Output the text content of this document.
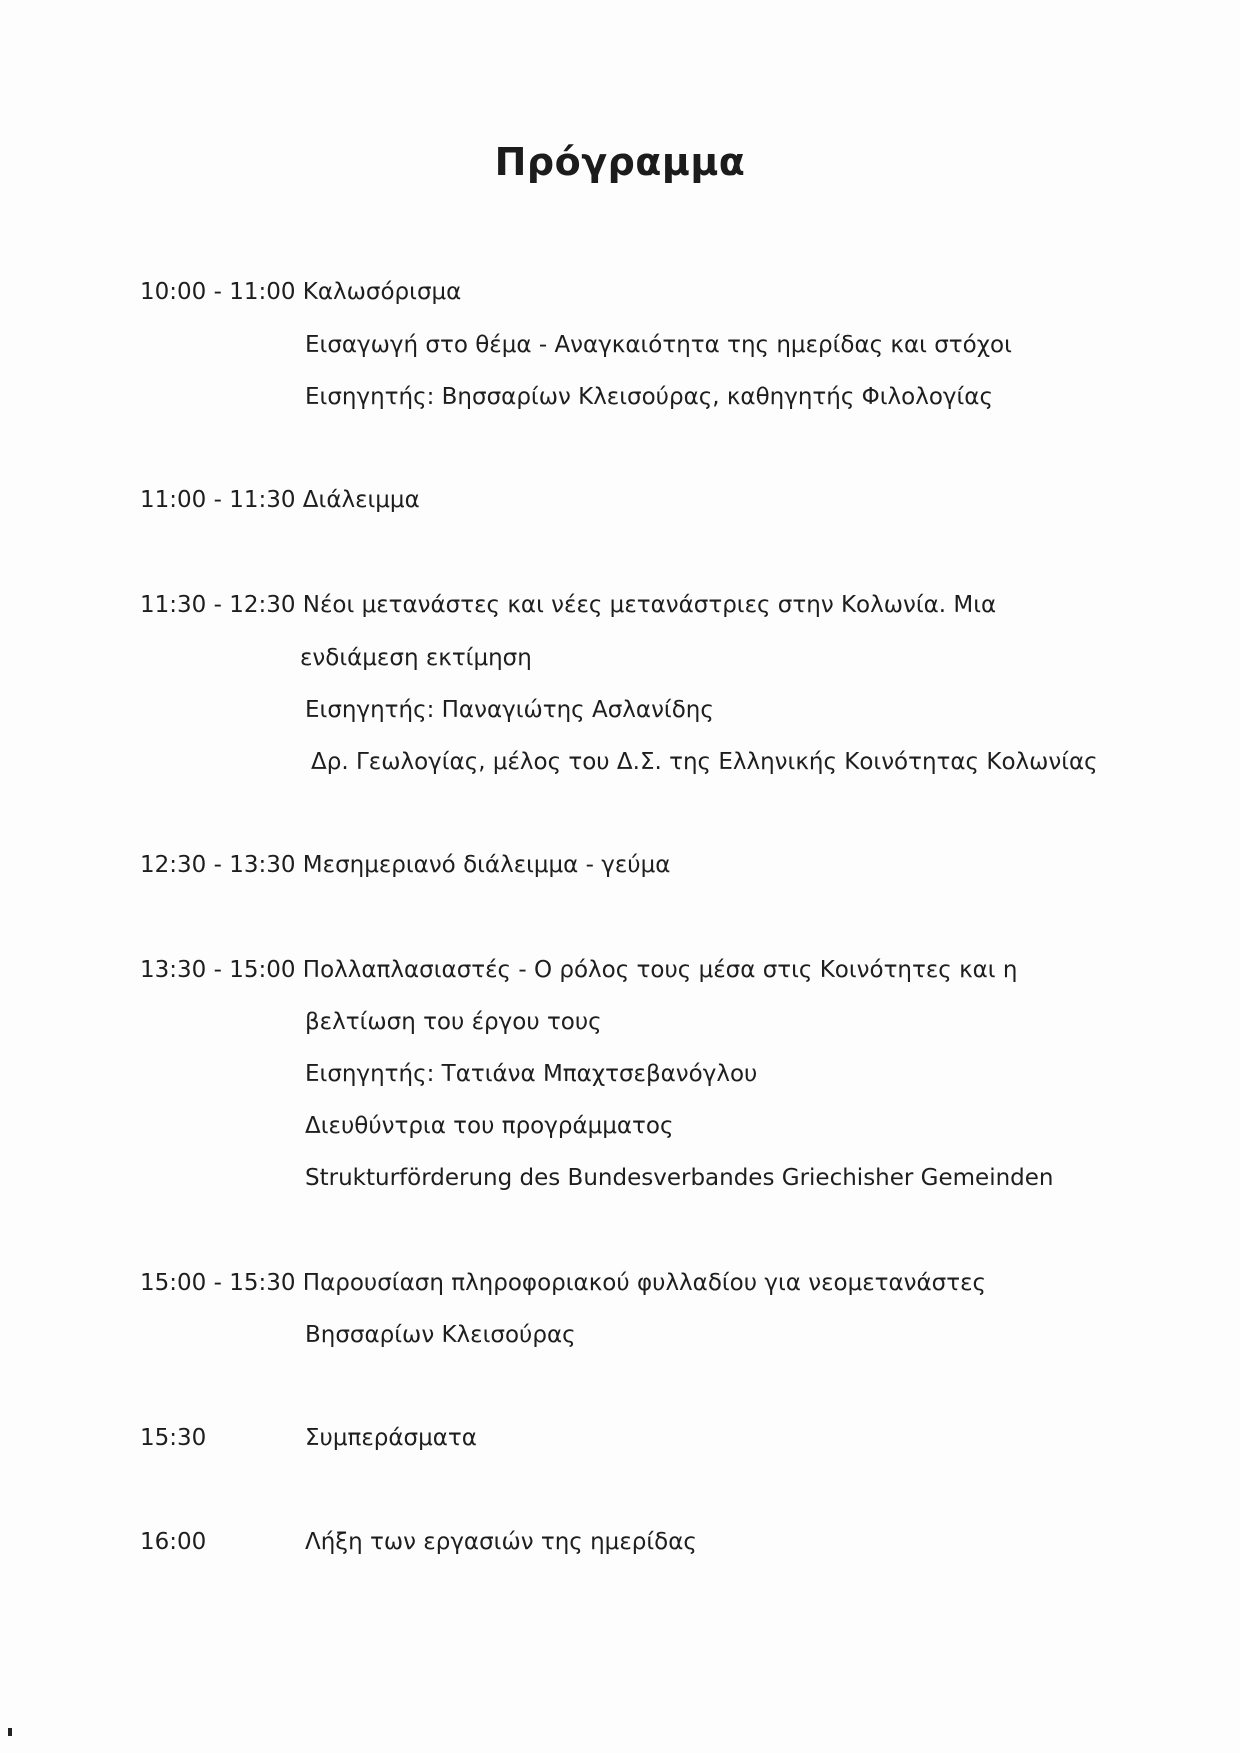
Πρόγραμμα
10:00 - 11:00 Καλωσόρισμα
Εισαγωγή στο θέμα - Αναγκαιότητα της ημερίδας και στόχοι
Εισηγητής: Βησσαρίων Κλεισούρας, καθηγητής Φιλολογίας
11:00 - 11:30 Διάλειμμα
11:30 - 12:30 Νέοι μετανάστες και νέες μετανάστριες στην Κολωνία. Μια
ενδιάμεση εκτίμηση
Εισηγητής: Παναγιώτης Ασλανίδης
Δρ. Γεωλογίας, μέλος του Δ.Σ. της Ελληνικής Κοινότητας Κολωνίας
12:30 - 13:30 Μεσημεριανό διάλειμμα - γεύμα
13:30 - 15:00 Πολλαπλασιαστές - Ο ρόλος τους μέσα στις Κοινότητες και η
βελτίωση του έργου τους
Εισηγητής: Τατιάνα Μπαχτσεβανόγλου
Διευθύντρια του προγράμματος
Strukturförderung des Bundesverbandes Griechisher Gemeinden
15:00 - 15:30 Παρουσίαση πληροφοριακού φυλλαδίου για νεομετανάστες
Βησσαρίων Κλεισούρας
15:30	Συμπεράσματα
16:00	Λήξη των εργασιών της ημερίδας
